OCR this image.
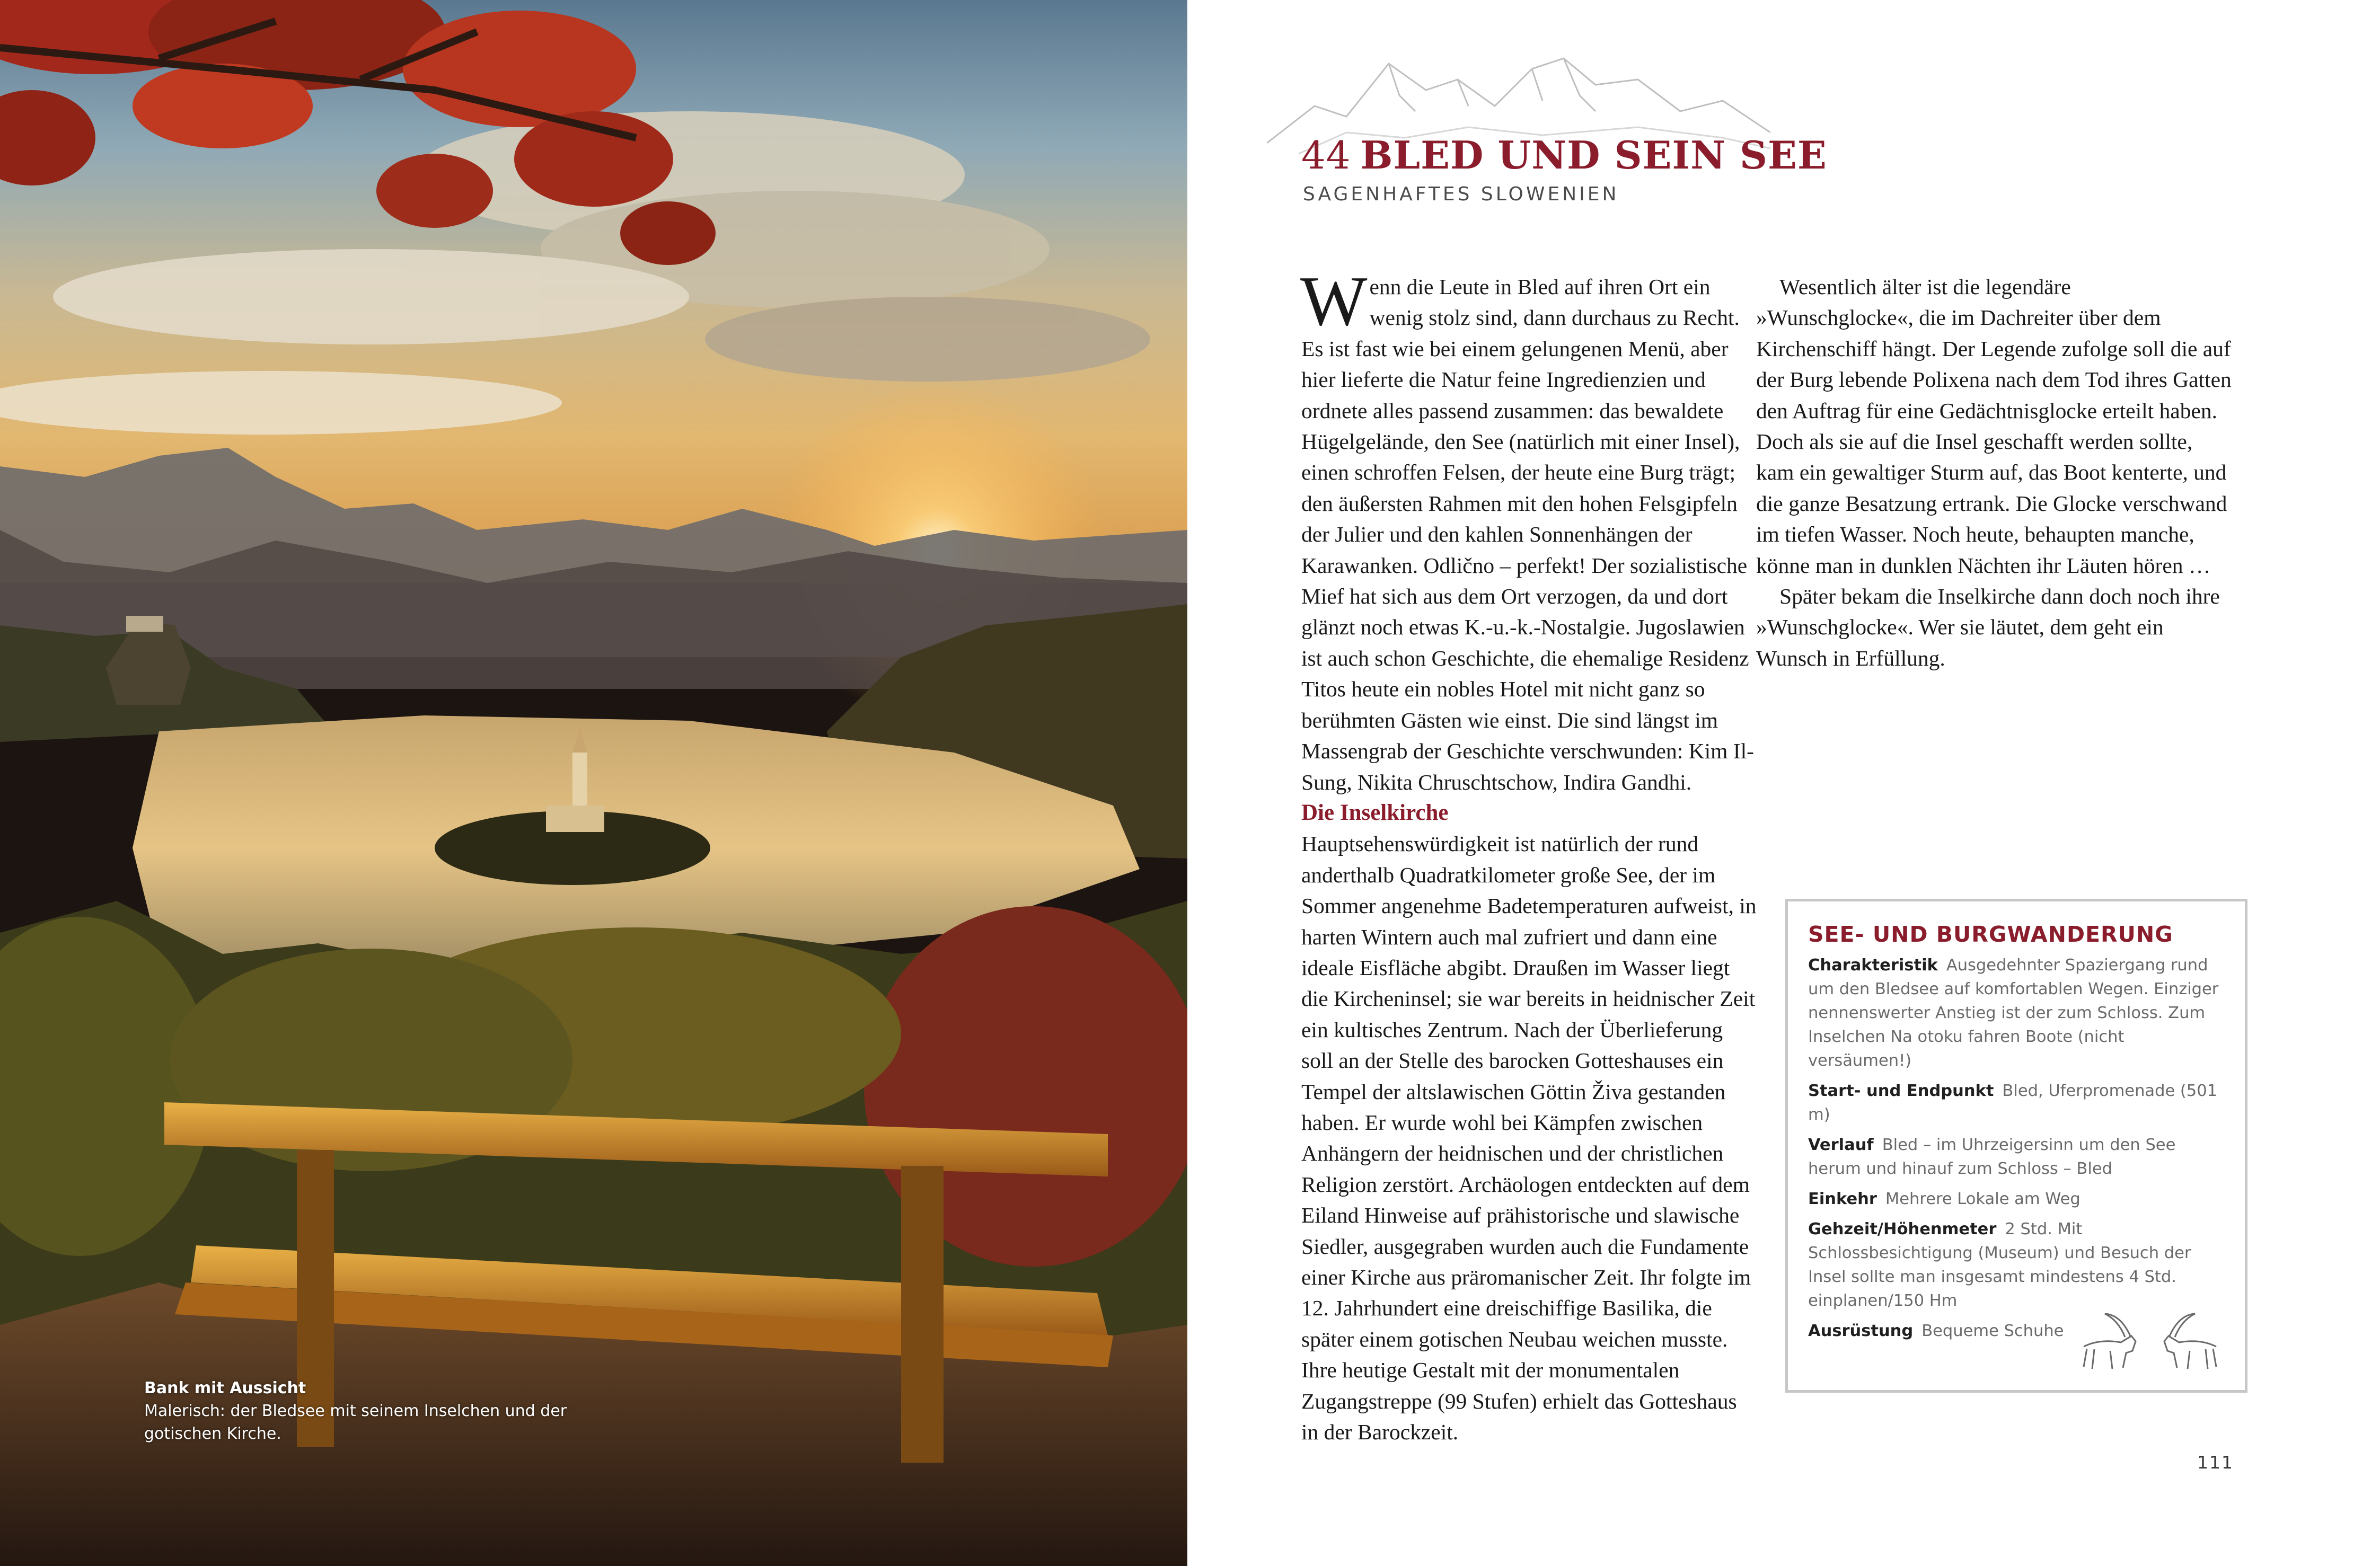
Bank mit Aussicht
Malerisch: der Bledsee mit seinem Inselchen und der gotischen Kirche.
44 BLED UND SEIN SEE
SAGENHAFTES SLOWENIEN

Wenn die Leute in Bled auf ihren Ort ein wenig stolz sind, dann durchaus zu Recht. Es ist fast wie bei einem gelungenen Menü, aber hier lieferte die Natur feine Ingredienzien und ordnete alles passend zusammen: das bewaldete Hügelgelände, den See (natürlich mit einer Insel), einen schroffen Felsen, der heute eine Burg trägt; den äußersten Rahmen mit den hohen Felsgipfeln der Julier und den kahlen Sonnenhängen der Karawanken. Odlično – perfekt! Der sozialistische Mief hat sich aus dem Ort verzogen, da und dort glänzt noch etwas K.-u.-k.-Nostalgie. Jugoslawien ist auch schon Geschichte, die ehemalige Residenz Titos heute ein nobles Hotel mit nicht ganz so berühmten Gästen wie einst. Die sind längst im Massengrab der Geschichte verschwunden: Kim Il-Sung, Nikita Chruschtschow, Indira Gandhi.

Die Inselkirche

Hauptsehenswürdigkeit ist natürlich der rund anderthalb Quadratkilometer große See, der im Sommer angenehme Badetemperaturen aufweist, in harten Wintern auch mal zufriert und dann eine ideale Eisfläche abgibt. Draußen im Wasser liegt die Kircheninsel; sie war bereits in heidnischer Zeit ein kultisches Zentrum. Nach der Überlieferung soll an der Stelle des barocken Gotteshauses ein Tempel der altslawischen Göttin Živa gestanden haben. Er wurde wohl bei Kämpfen zwischen Anhängern der heidnischen und der christlichen Religion zerstört. Archäologen entdeckten auf dem Eiland Hinweise auf prähistorische und slawische Siedler, ausgegraben wurden auch die Fundamente einer Kirche aus präromanischer Zeit. Ihr folgte im 12. Jahrhundert eine dreischiffige Basilika, die später einem gotischen Neubau weichen musste. Ihre heutige Gestalt mit der monumentalen Zugangstreppe (99 Stufen) erhielt das Gotteshaus in der Barockzeit.

Wesentlich älter ist die legendäre »Wunschglocke«, die im Dachreiter über dem Kirchenschiff hängt. Der Legende zufolge soll die auf der Burg lebende Polixena nach dem Tod ihres Gatten den Auftrag für eine Gedächtnisglocke erteilt haben. Doch als sie auf die Insel geschafft werden sollte, kam ein gewaltiger Sturm auf, das Boot kenterte, und die ganze Besatzung ertrank. Die Glocke verschwand im tiefen Wasser. Noch heute, behaupten manche, könne man in dunklen Nächten ihr Läuten hören …

Später bekam die Inselkirche dann doch noch ihre »Wunschglocke«. Wer sie läutet, dem geht ein Wunsch in Erfüllung.

SEE- UND BURGWANDERUNG
Charakteristik Ausgedehnter Spaziergang rund um den Bledsee auf komfortablen Wegen. Einziger nennenswerter Anstieg ist der zum Schloss. Zum Inselchen Na otoku fahren Boote (nicht versäumen!)
Start- und Endpunkt Bled, Uferpromenade (501 m)
Verlauf Bled – im Uhrzeigersinn um den See herum und hinauf zum Schloss – Bled
Einkehr Mehrere Lokale am Weg
Gehzeit/Höhenmeter 2 Std. Mit Schlossbesichtigung (Museum) und Besuch der Insel sollte man insgesamt mindestens 4 Std. einplanen/150 Hm
Ausrüstung Bequeme Schuhe
111
